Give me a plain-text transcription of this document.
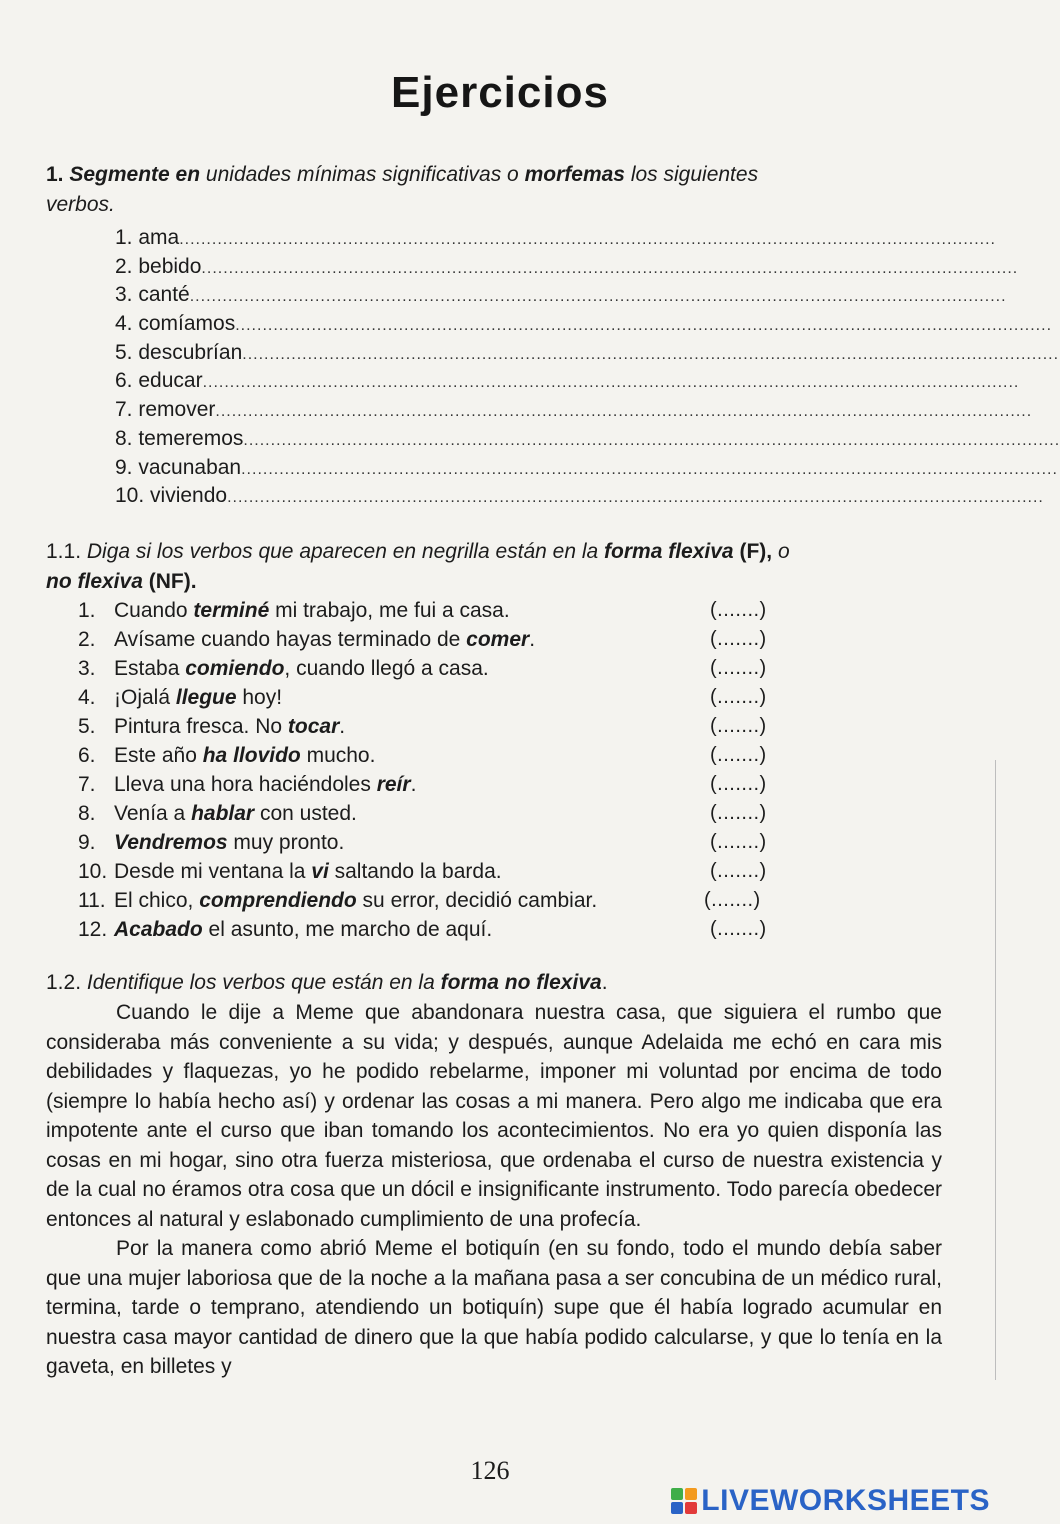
Ejercicios
1. Segmente en unidades mínimas significativas o morfemas los siguientes
verbos.
1. ama ......................................................................................................................................................
2. bebido ......................................................................................................................................................
3. canté ......................................................................................................................................................
4. comíamos ......................................................................................................................................................
5. descubrían ......................................................................................................................................................
6. educar ......................................................................................................................................................
7. remover ......................................................................................................................................................
8. temeremos ......................................................................................................................................................
9. vacunaban ......................................................................................................................................................
10. viviendo ......................................................................................................................................................
1.1. Diga si los verbos que aparecen en negrilla están en la forma flexiva (F), o
no flexiva (NF).
1. Cuando terminé mi trabajo, me fui a casa.	(.......)
2. Avísame cuando hayas terminado de comer.	(.......)
3. Estaba comiendo, cuando llegó a casa.	(.......)
4. ¡Ojalá llegue hoy!	(.......)
5. Pintura fresca. No tocar.	(.......)
6. Este año ha llovido mucho.	(.......)
7. Lleva una hora haciéndoles reír.	(.......)
8. Venía a hablar con usted.	(.......)
9. Vendremos muy pronto.	(.......)
10. Desde mi ventana la vi saltando la barda.	(.......)
11. El chico, comprendiendo su error, decidió cambiar.	(.......)
12. Acabado el asunto, me marcho de aquí.	(.......)
1.2. Identifique los verbos que están en la forma no flexiva.

Cuando le dije a Meme que abandonara nuestra casa, que siguiera el rumbo que consideraba más conveniente a su vida; y después, aunque Adelaida me echó en cara mis debilidades y flaquezas, yo he podido rebelarme, imponer mi voluntad por encima de todo (siempre lo había hecho así) y ordenar las cosas a mi manera. Pero algo me indicaba que era impotente ante el curso que iban tomando los acontecimientos. No era yo quien disponía las cosas en mi hogar, sino otra fuerza misteriosa, que ordenaba el curso de nuestra existencia y de la cual no éramos otra cosa que un dócil e insignificante instrumento. Todo parecía obedecer entonces al natural y eslabonado cumplimiento de una profecía.

Por la manera como abrió Meme el botiquín (en su fondo, todo el mundo debía saber que una mujer laboriosa que de la noche a la mañana pasa a ser concubina de un médico rural, termina, tarde o temprano, atendiendo un botiquín) supe que él había logrado acumular en nuestra casa mayor cantidad de dinero que la que había podido calcularse, y que lo tenía en la gaveta, en billetes y

126
LIVEWORKSHEETS
